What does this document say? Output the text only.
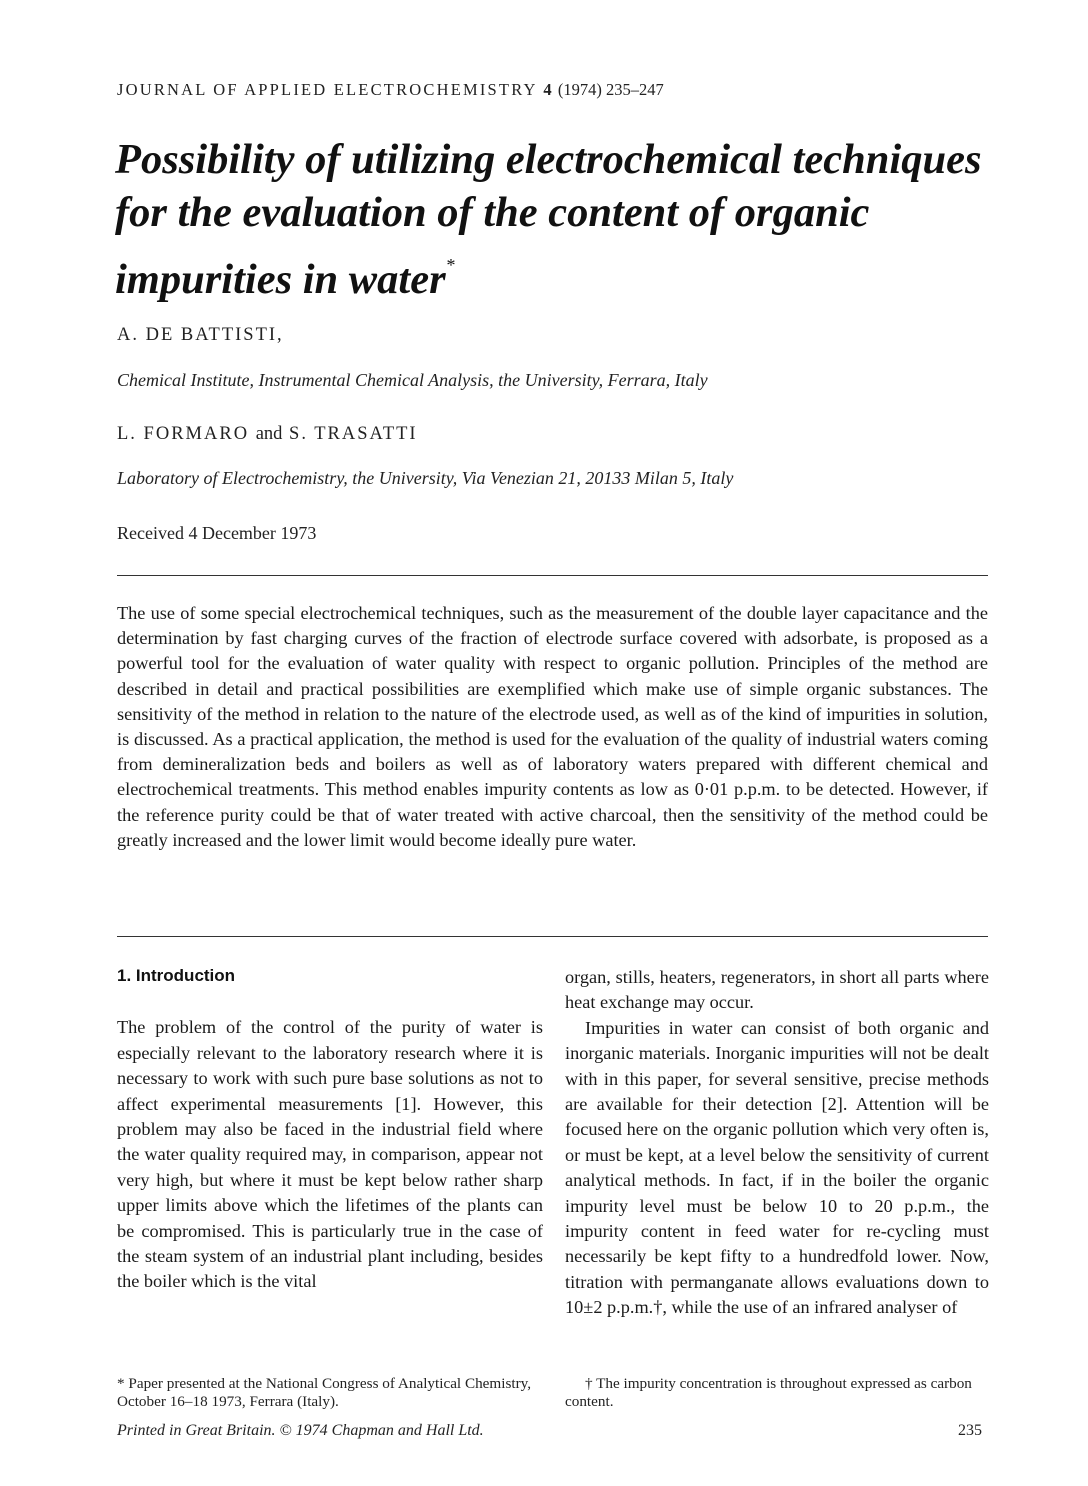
JOURNAL OF APPLIED ELECTROCHEMISTRY 4 (1974) 235–247
Possibility of utilizing electrochemical techniques for the evaluation of the content of organic impurities in water*
A. DE BATTISTI,
Chemical Institute, Instrumental Chemical Analysis, the University, Ferrara, Italy
L. FORMARO and S. TRASATTI
Laboratory of Electrochemistry, the University, Via Venezian 21, 20133 Milan 5, Italy
Received 4 December 1973

The use of some special electrochemical techniques, such as the measurement of the double layer capacitance and the determination by fast charging curves of the fraction of electrode surface covered with adsorbate, is proposed as a powerful tool for the evaluation of water quality with respect to organic pollution. Principles of the method are described in detail and practical possibilities are exemplified which make use of simple organic substances. The sensitivity of the method in relation to the nature of the electrode used, as well as of the kind of impurities in solution, is discussed. As a practical application, the method is used for the evaluation of the quality of industrial waters coming from demineralization beds and boilers as well as of laboratory waters prepared with different chemical and electrochemical treatments. This method enables impurity contents as low as 0·01 p.p.m. to be detected. However, if the reference purity could be that of water treated with active charcoal, then the sensitivity of the method could be greatly increased and the lower limit would become ideally pure water.

1. Introduction

The problem of the control of the purity of water is especially relevant to the laboratory research where it is necessary to work with such pure base solutions as not to affect experimental measurements [1]. However, this problem may also be faced in the industrial field where the water quality required may, in comparison, appear not very high, but where it must be kept below rather sharp upper limits above which the lifetimes of the plants can be compromised. This is particularly true in the case of the steam system of an industrial plant including, besides the boiler which is the vital

organ, stills, heaters, regenerators, in short all parts where heat exchange may occur.

Impurities in water can consist of both organic and inorganic materials. Inorganic impurities will not be dealt with in this paper, for several sensitive, precise methods are available for their detection [2]. Attention will be focused here on the organic pollution which very often is, or must be kept, at a level below the sensitivity of current analytical methods. In fact, if in the boiler the organic impurity level must be below 10 to 20 p.p.m., the impurity content in feed water for re-cycling must necessarily be kept fifty to a hundredfold lower. Now, titration with permanganate allows evaluations down to 10±2 p.p.m.†, while the use of an infrared analyser of

* Paper presented at the National Congress of Analytical Chemistry, October 16–18 1973, Ferrara (Italy).
† The impurity concentration is throughout expressed as carbon content.
Printed in Great Britain. © 1974 Chapman and Hall Ltd.	235
